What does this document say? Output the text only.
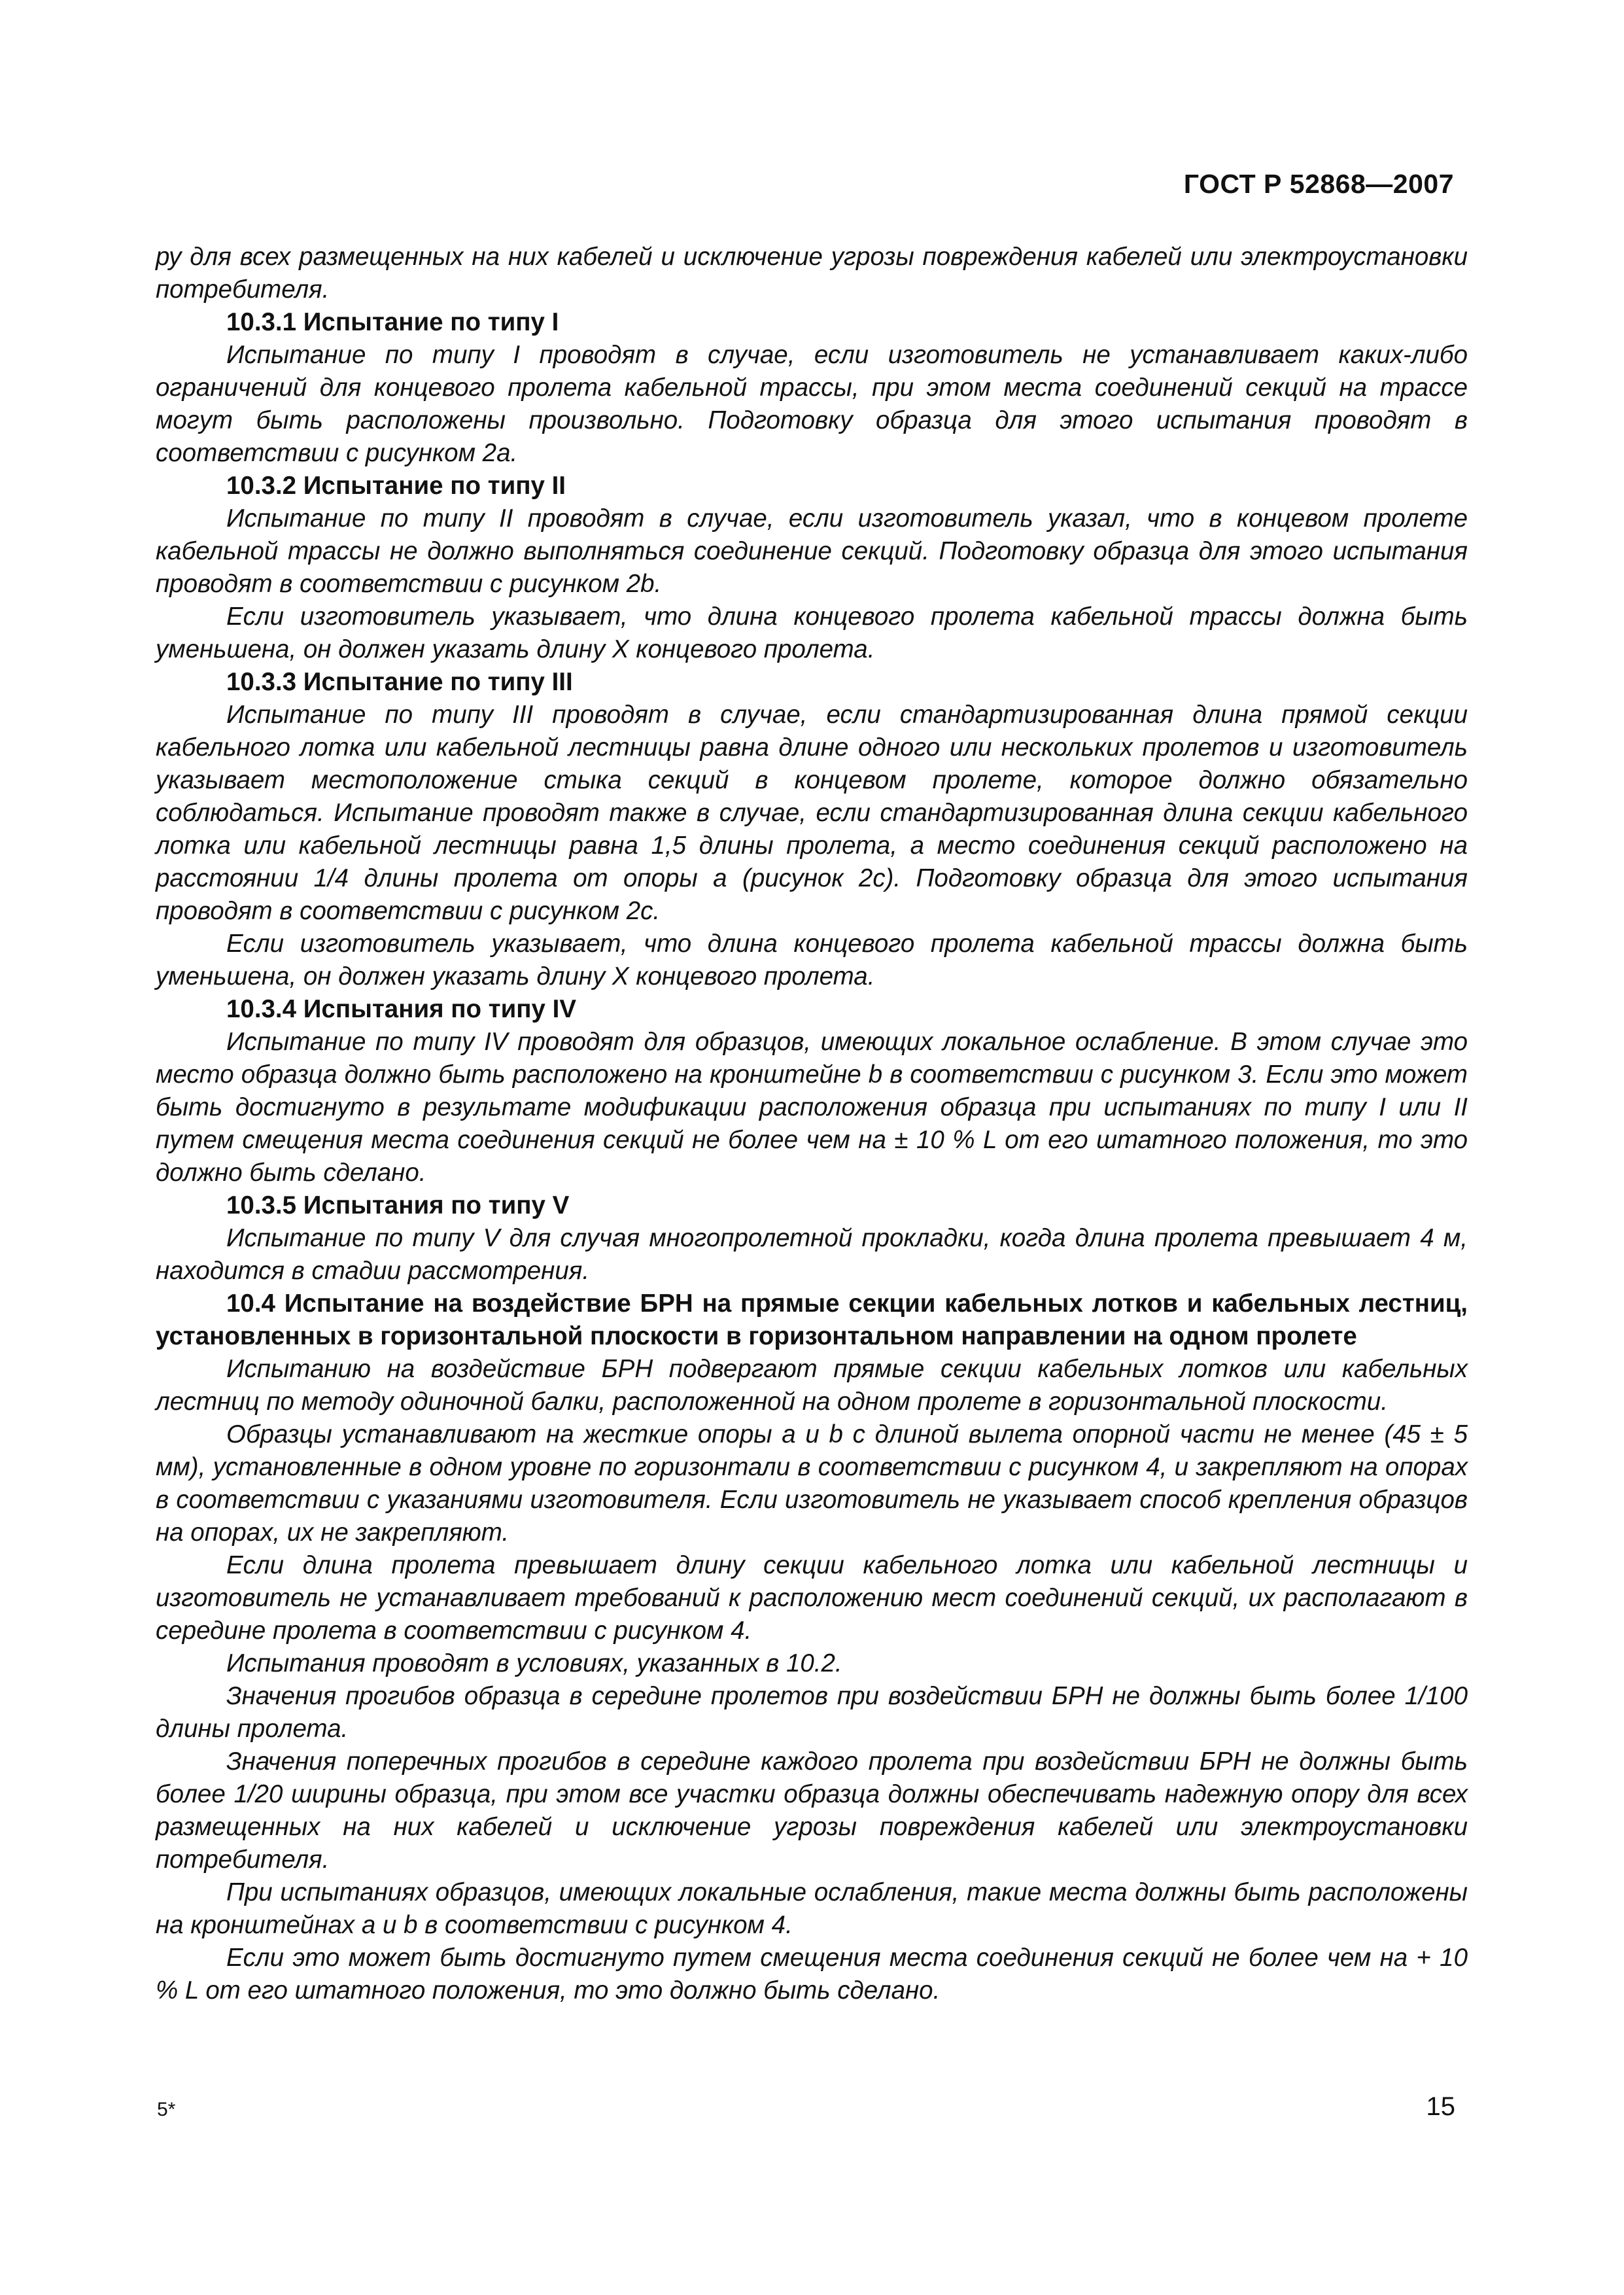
ГОСТ Р 52868—2007

ру для всех размещенных на них кабелей и исключение угрозы повреждения кабелей или электроустановки потребителя.

10.3.1 Испытание по типу I

Испытание по типу I проводят в случае, если изготовитель не устанавливает каких-либо ограничений для концевого пролета кабельной трассы, при этом места соединений секций на трассе могут быть расположены произвольно. Подготовку образца для этого испытания проводят в соответствии с рисунком 2а.

10.3.2 Испытание по типу II

Испытание по типу II проводят в случае, если изготовитель указал, что в концевом пролете кабельной трассы не должно выполняться соединение секций. Подготовку образца для этого испытания проводят в соответствии с рисунком 2b.

Если изготовитель указывает, что длина концевого пролета кабельной трассы должна быть уменьшена, он должен указать длину Х концевого пролета.

10.3.3 Испытание по типу III

Испытание по типу III проводят в случае, если стандартизированная длина прямой секции кабельного лотка или кабельной лестницы равна длине одного или нескольких пролетов и изготовитель указывает местоположение стыка секций в концевом пролете, которое должно обязательно соблюдаться. Испытание проводят также в случае, если стандартизированная длина секции кабельного лотка или кабельной лестницы равна 1,5 длины пролета, а место соединения секций расположено на расстоянии 1/4 длины пролета от опоры а (рисунок 2с). Подготовку образца для этого испытания проводят в соответствии с рисунком 2с.

Если изготовитель указывает, что длина концевого пролета кабельной трассы должна быть уменьшена, он должен указать длину Х концевого пролета.

10.3.4 Испытания по типу IV

Испытание по типу IV проводят для образцов, имеющих локальное ослабление. В этом случае это место образца должно быть расположено на кронштейне b в соответствии с рисунком 3. Если это может быть достигнуто в результате модификации расположения образца при испытаниях по типу I или II путем смещения места соединения секций не более чем на ± 10 % L от его штатного положения, то это должно быть сделано.

10.3.5 Испытания по типу V

Испытание по типу V для случая многопролетной прокладки, когда длина пролета превышает 4 м, находится в стадии рассмотрения.

10.4 Испытание на воздействие БРН на прямые секции кабельных лотков и кабельных лестниц, установленных в горизонтальной плоскости в горизонтальном направлении на одном пролете

Испытанию на воздействие БРН подвергают прямые секции кабельных лотков или кабельных лестниц по методу одиночной балки, расположенной на одном пролете в горизонтальной плоскости.

Образцы устанавливают на жесткие опоры а и b с длиной вылета опорной части не менее (45 ± 5 мм), установленные в одном уровне по горизонтали в соответствии с рисунком 4, и закрепляют на опорах в соответствии с указаниями изготовителя. Если изготовитель не указывает способ крепления образцов на опорах, их не закрепляют.

Если длина пролета превышает длину секции кабельного лотка или кабельной лестницы и изготовитель не устанавливает требований к расположению мест соединений секций, их располагают в середине пролета в соответствии с рисунком 4.

Испытания проводят в условиях, указанных в 10.2.

Значения прогибов образца в середине пролетов при воздействии БРН не должны быть более 1/100 длины пролета.

Значения поперечных прогибов в середине каждого пролета при воздействии БРН не должны быть более 1/20 ширины образца, при этом все участки образца должны обеспечивать надежную опору для всех размещенных на них кабелей и исключение угрозы повреждения кабелей или электроустановки потребителя.

При испытаниях образцов, имеющих локальные ослабления, такие места должны быть расположены на кронштейнах а и b в соответствии с рисунком 4.

Если это может быть достигнуто путем смещения места соединения секций не более чем на + 10 % L от его штатного положения, то это должно быть сделано.

5*	15
